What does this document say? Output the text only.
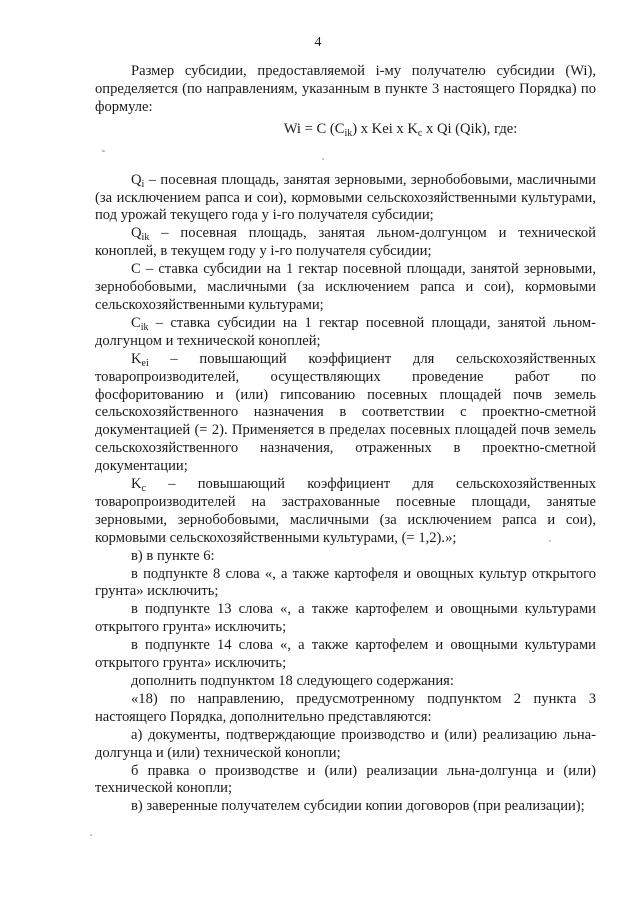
4

Размер субсидии, предоставляемой i-му получателю субсидии (Wi), определяется (по направлениям, указанным в пункте 3 настоящего Порядка) по формуле:

Wi = C $(C_{ik})$ x Kei x $K_c$ x Qi (Qik), где:

$Q_i$ – посевная площадь, занятая зерновыми, зернобобовыми, масличными (за исключением рапса и сои), кормовыми сельскохозяйственными культурами, под урожай текущего года у i-го получателя субсидии;

$Q_{ik}$ – посевная площадь, занятая льном-долгунцом и технической коноплей, в текущем году у i-го получателя субсидии;

C – ставка субсидии на 1 гектар посевной площади, занятой зерновыми, зернобобовыми, масличными (за исключением рапса и сои), кормовыми сельскохозяйственными культурами;

$C_{ik}$ – ставка субсидии на 1 гектар посевной площади, занятой льном-долгунцом и технической коноплей;

$K_{ei}$ – повышающий коэффициент для сельскохозяйственных товаропроизводителей, осуществляющих проведение работ по фосфоритованию и (или) гипсованию посевных площадей почв земель сельскохозяйственного назначения в соответствии с проектно-сметной документацией (= 2). Применяется в пределах посевных площадей почв земель сельскохозяйственного назначения, отраженных в проектно-сметной документации;

$K_c$ – повышающий коэффициент для сельскохозяйственных товаропроизводителей на застрахованные посевные площади, занятые зерновыми, зернобобовыми, масличными (за исключением рапса и сои), кормовыми сельскохозяйственными культурами, (= 1,2).»;

в) в пункте 6:

в подпункте 8 слова «, а также картофеля и овощных культур открытого грунта» исключить;

в подпункте 13 слова «, а также картофелем и овощными культурами открытого грунта» исключить;

в подпункте 14 слова «, а также картофелем и овощными культурами открытого грунта» исключить;

дополнить подпунктом 18 следующего содержания:

«18) по направлению, предусмотренному подпунктом 2 пункта 3 настоящего Порядка, дополнительно представляются:

а) документы, подтверждающие производство и (или) реализацию льна-долгунца и (или) технической конопли;

б правка о производстве и (или) реализации льна-долгунца и (или) технической конопли;

в) заверенные получателем субсидии копии договоров (при реализации);
